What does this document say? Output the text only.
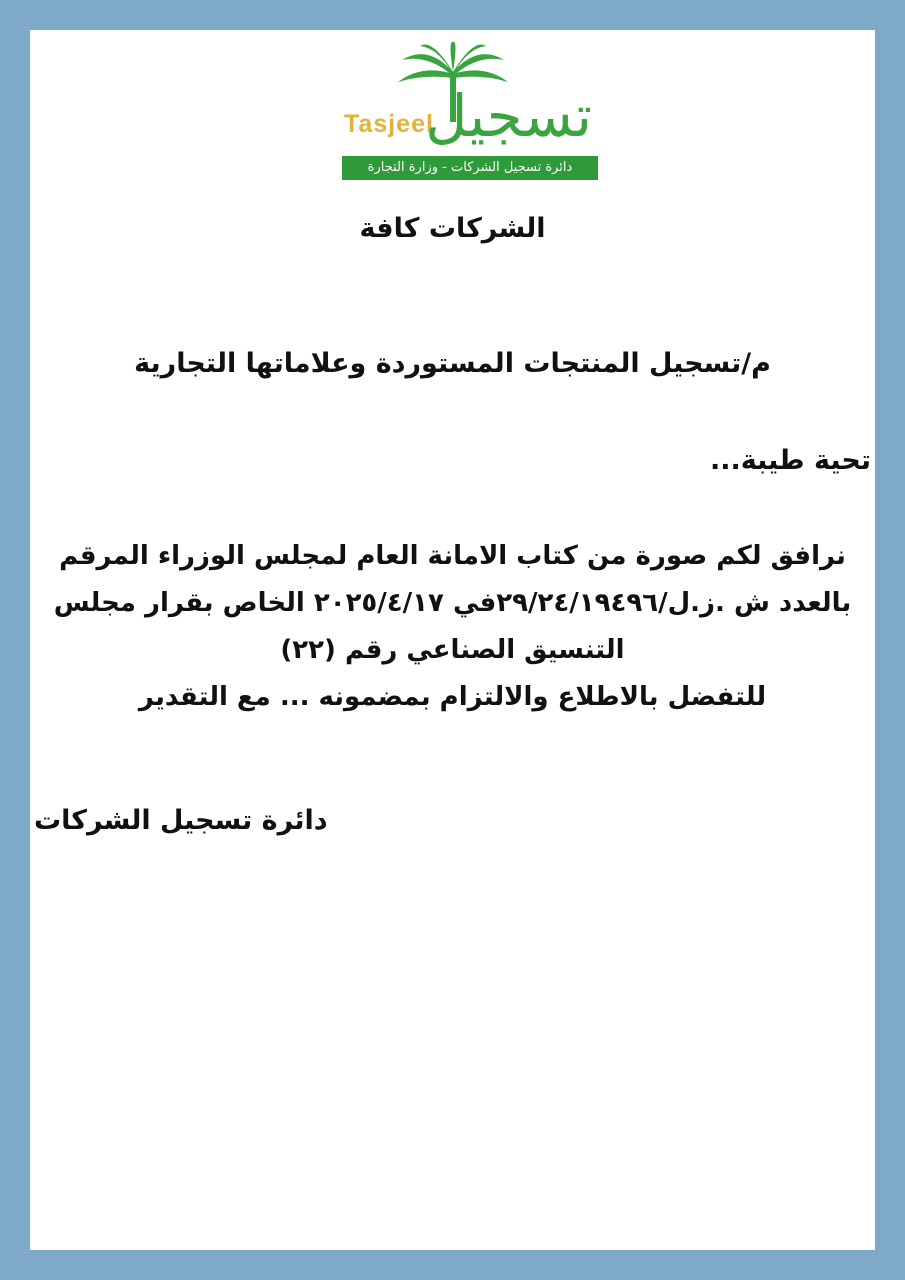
Tasjeel
تسجيل
دائرة تسجيل الشركات - وزارة التجارة
الشركات كافة
م/تسجيل المنتجات المستوردة وعلاماتها التجارية
تحية طيبة...
نرافق لكم صورة من كتاب الامانة العام لمجلس الوزراء المرقم
بالعدد ش .ز.ل/٢٩/٢٤/١٩٤٩٦في ٢٠٢٥/٤/١٧ الخاص بقرار مجلس
التنسيق الصناعي رقم (٢٢)
للتفضل بالاطلاع والالتزام بمضمونه ... مع التقدير
دائرة تسجيل الشركات
